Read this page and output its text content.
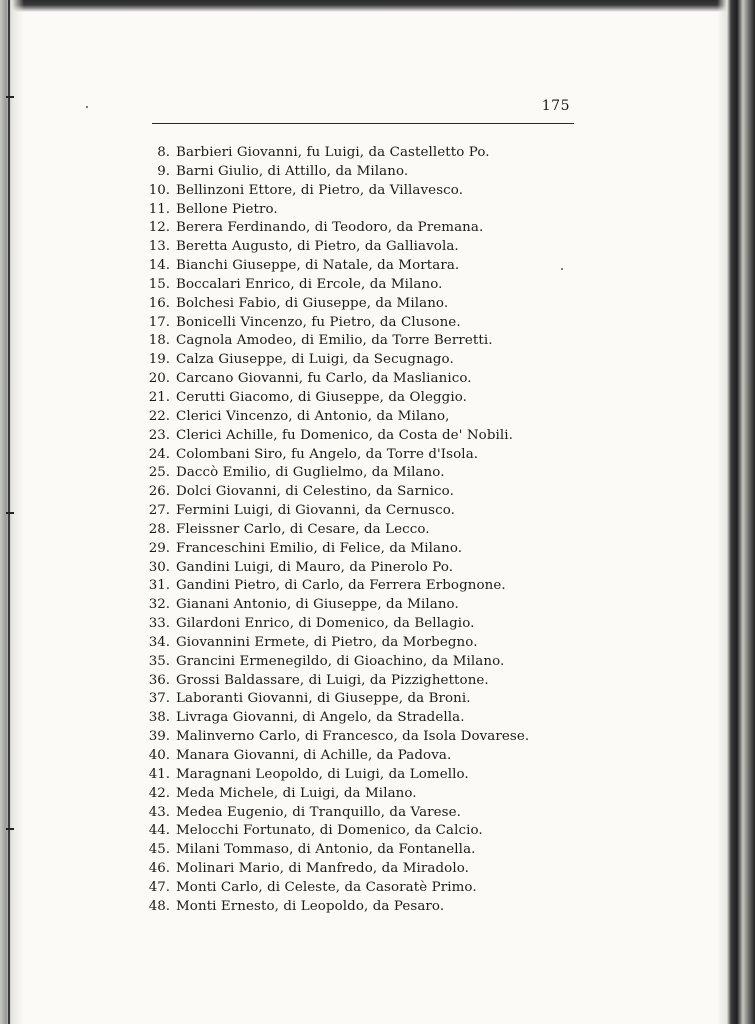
175
8. Barbieri Giovanni, fu Luigi, da Castelletto Po.
9. Barni Giulio, di Attillo, da Milano.
10. Bellinzoni Ettore, di Pietro, da Villavesco.
11. Bellone Pietro.
12. Berera Ferdinando, di Teodoro, da Premana.
13. Beretta Augusto, di Pietro, da Galliavola.
14. Bianchi Giuseppe, di Natale, da Mortara.
15. Boccalari Enrico, di Ercole, da Milano.
16. Bolchesi Fabio, di Giuseppe, da Milano.
17. Bonicelli Vincenzo, fu Pietro, da Clusone.
18. Cagnola Amodeo, di Emilio, da Torre Berretti.
19. Calza Giuseppe, di Luigi, da Secugnago.
20. Carcano Giovanni, fu Carlo, da Maslianico.
21. Cerutti Giacomo, di Giuseppe, da Oleggio.
22. Clerici Vincenzo, di Antonio, da Milano,
23. Clerici Achille, fu Domenico, da Costa de' Nobili.
24. Colombani Siro, fu Angelo, da Torre d'Isola.
25. Daccò Emilio, di Guglielmo, da Milano.
26. Dolci Giovanni, di Celestino, da Sarnico.
27. Fermini Luigi, di Giovanni, da Cernusco.
28. Fleissner Carlo, di Cesare, da Lecco.
29. Franceschini Emilio, di Felice, da Milano.
30. Gandini Luigi, di Mauro, da Pinerolo Po.
31. Gandini Pietro, di Carlo, da Ferrera Erbognone.
32. Gianani Antonio, di Giuseppe, da Milano.
33. Gilardoni Enrico, di Domenico, da Bellagio.
34. Giovannini Ermete, di Pietro, da Morbegno.
35. Grancini Ermenegildo, di Gioachino, da Milano.
36. Grossi Baldassare, di Luigi, da Pizzighettone.
37. Laboranti Giovanni, di Giuseppe, da Broni.
38. Livraga Giovanni, di Angelo, da Stradella.
39. Malinverno Carlo, di Francesco, da Isola Dovarese.
40. Manara Giovanni, di Achille, da Padova.
41. Maragnani Leopoldo, di Luigi, da Lomello.
42. Meda Michele, di Luigi, da Milano.
43. Medea Eugenio, di Tranquillo, da Varese.
44. Melocchi Fortunato, di Domenico, da Calcio.
45. Milani Tommaso, di Antonio, da Fontanella.
46. Molinari Mario, di Manfredo, da Miradolo.
47. Monti Carlo, di Celeste, da Casoratè Primo.
48. Monti Ernesto, di Leopoldo, da Pesaro.
